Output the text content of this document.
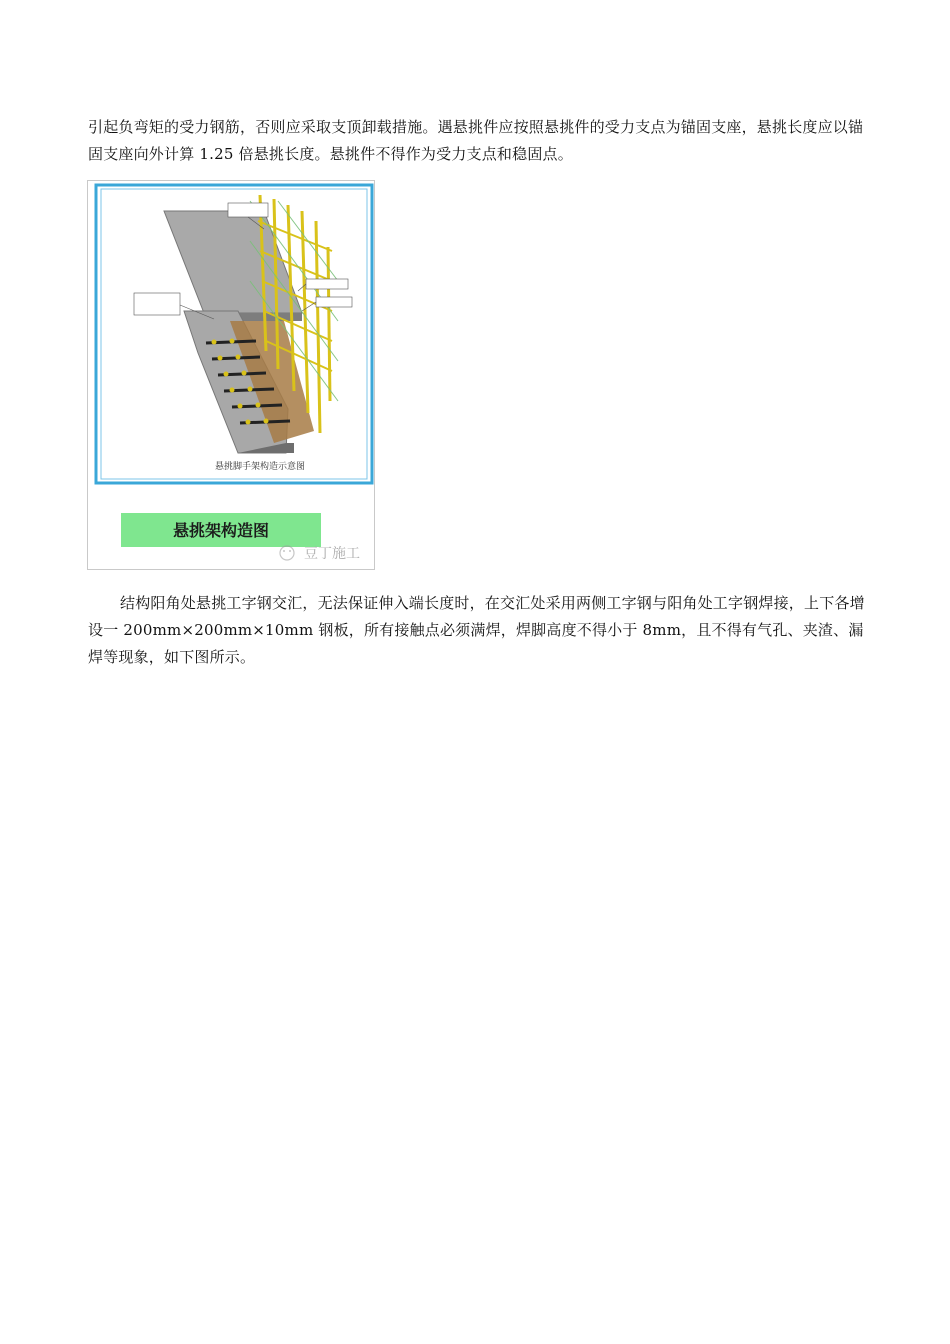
引起负弯矩的受力钢筋，否则应采取支顶卸载措施。遇悬挑件应按照悬挑件的受力支点为锚固支座，悬挑长度应以锚固支座向外计算 1.25 倍悬挑长度。悬挑件不得作为受力支点和稳固点。

悬挑脚手架构造示意图
悬挑架构造图
豆丁施工

结构阳角处悬挑工字钢交汇，无法保证伸入端长度时，在交汇处采用两侧工字钢与阳角处工字钢焊接，上下各增设一 200mm×200mm×10mm 钢板，所有接触点必须满焊，焊脚高度不得小于 8mm，且不得有气孔、夹渣、漏焊等现象，如下图所示。
